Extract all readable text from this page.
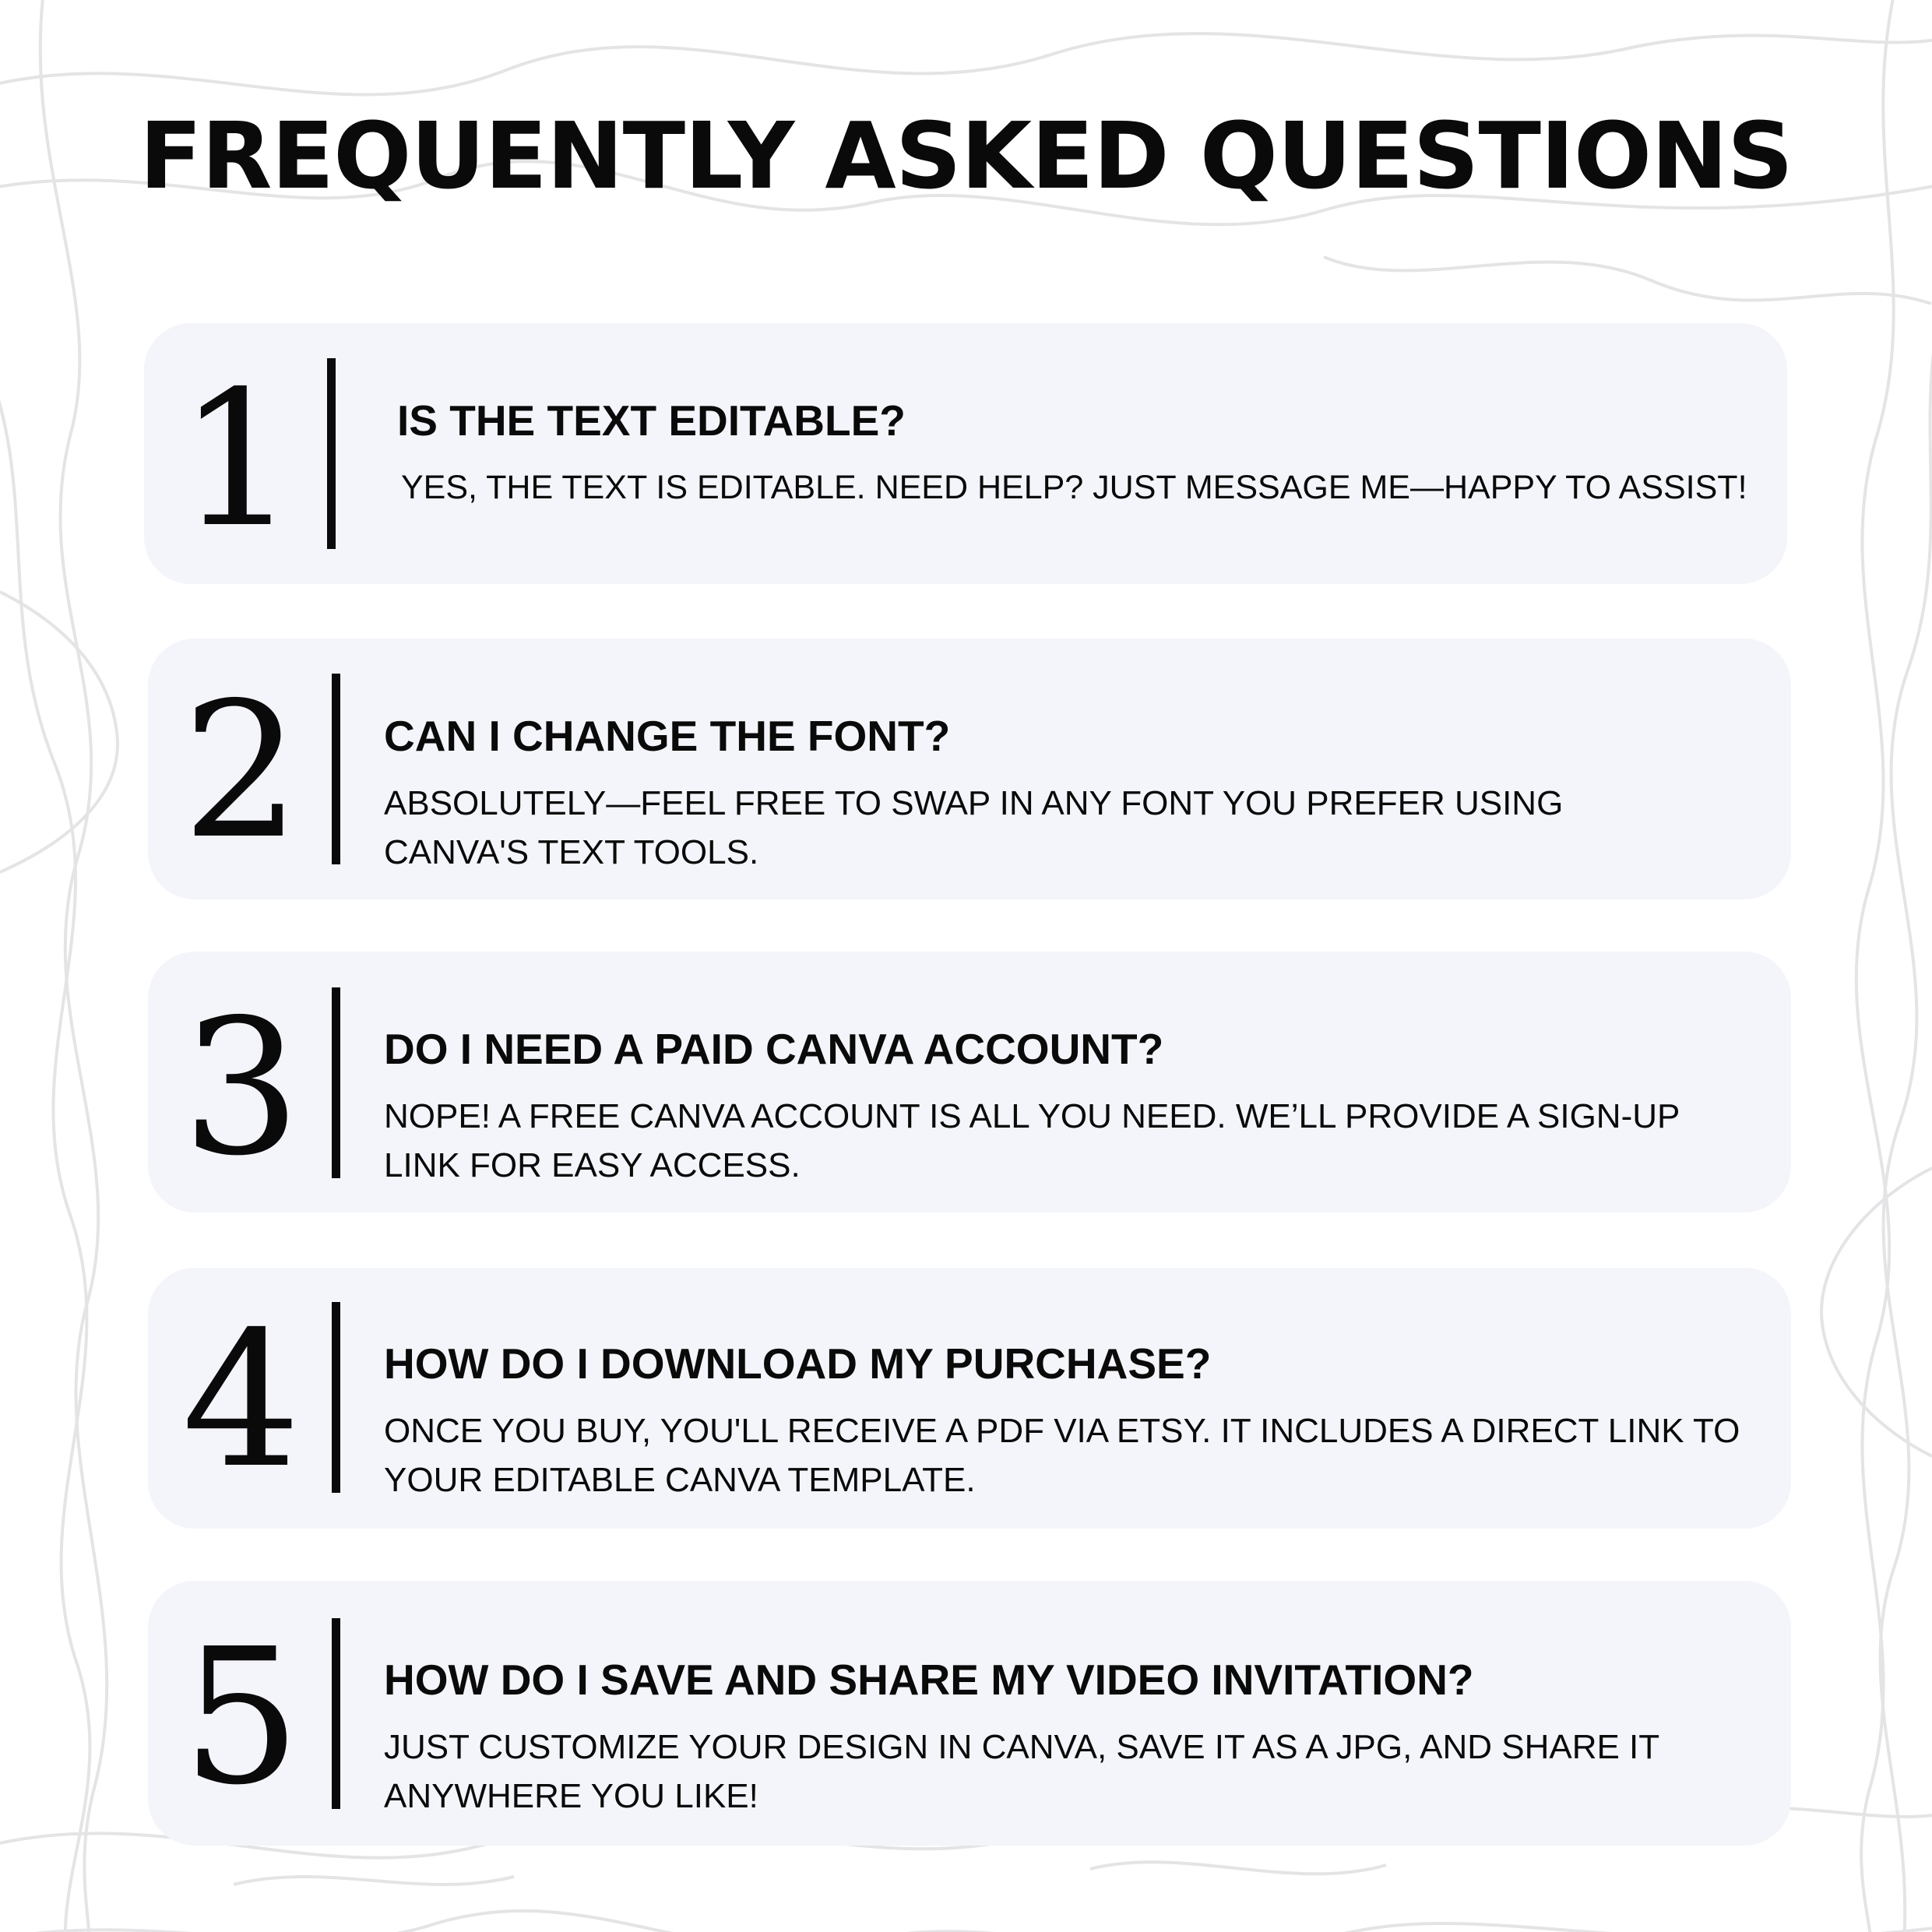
FREQUENTLY ASKED QUESTIONS
1	IS THE TEXT EDITABLE?
YES, THE TEXT IS EDITABLE. NEED HELP? JUST MESSAGE ME—HAPPY TO ASSIST!
2	CAN I CHANGE THE FONT?
ABSOLUTELY—FEEL FREE TO SWAP IN ANY FONT YOU PREFER USING CANVA'S TEXT TOOLS.
3	DO I NEED A PAID CANVA ACCOUNT?
NOPE! A FREE CANVA ACCOUNT IS ALL YOU NEED. WE’LL PROVIDE A SIGN-UP LINK FOR EASY ACCESS.
4	HOW DO I DOWNLOAD MY PURCHASE?
ONCE YOU BUY, YOU'LL RECEIVE A PDF VIA ETSY. IT INCLUDES A DIRECT LINK TO YOUR EDITABLE CANVA TEMPLATE.
5	HOW DO I SAVE AND SHARE MY VIDEO INVITATION?
JUST CUSTOMIZE YOUR DESIGN IN CANVA, SAVE IT AS A JPG, AND SHARE IT ANYWHERE YOU LIKE!
